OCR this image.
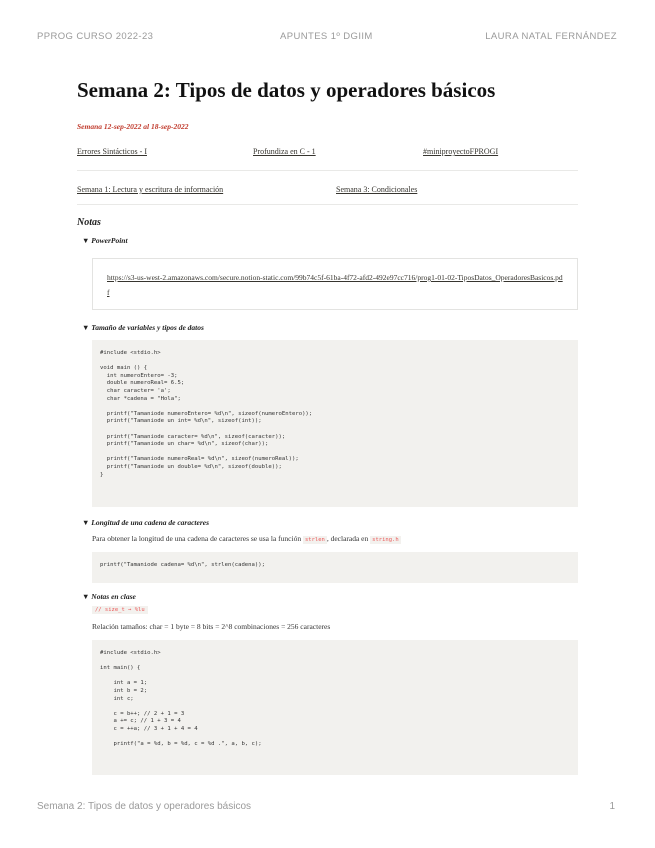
PPROG CURSO 2022-23	APUNTES 1º DGIIM	LAURA NATAL FERNÁNDEZ
Semana 2: Tipos de datos y operadores básicos
Semana 12-sep-2022 al 18-sep-2022
Errores Sintácticos - I	Profundiza en C - 1	#miniproyectoFPROGI
Semana 1: Lectura y escritura de información	Semana 3: Condicionales
Notas
▼ PowerPoint
https://s3-us-west-2.amazonaws.com/secure.notion-static.com/99b74c5f-61ba-4f72-afd2-492e97cc716/prog1-01-02-TiposDatos_OperadoresBasicos.pdf
▼ Tamaño de variables y tipos de datos
#include <stdio.h>

void main () {
int numeroEntero= -3;
double numeroReal= 6.5;
char caracter= 'a';
char *cadena = "Hola";

printf("Tamaniode numeroEntero= %d\n", sizeof(numeroEntero));
printf("Tamaniode un int= %d\n", sizeof(int));

printf("Tamaniode caracter= %d\n", sizeof(caracter));
printf("Tamaniode un char= %d\n", sizeof(char));

printf("Tamaniode numeroReal= %d\n", sizeof(numeroReal));
printf("Tamaniode un double= %d\n", sizeof(double));
}
▼ Longitud de una cadena de caracteres
Para obtener la longitud de una cadena de caracteres se usa la función strlen , declarada en string.h
printf("Tamaniode cadena= %d\n", strlen(cadena));
▼ Notas en clase
// size_t → %lu
Relación tamaños: char = 1 byte = 8 bits = 2^8 combinaciones = 256 caracteres
#include <stdio.h>

int main() {

int a = 1;
int b = 2;
int c;

c = b++; // 2 + 1 = 3
a += c; // 1 + 3 = 4
c = ++a; // 3 + 1 + 4 = 4

printf("a = %d, b = %d, c = %d .", a, b, c);
Semana 2: Tipos de datos y operadores básicos	1
